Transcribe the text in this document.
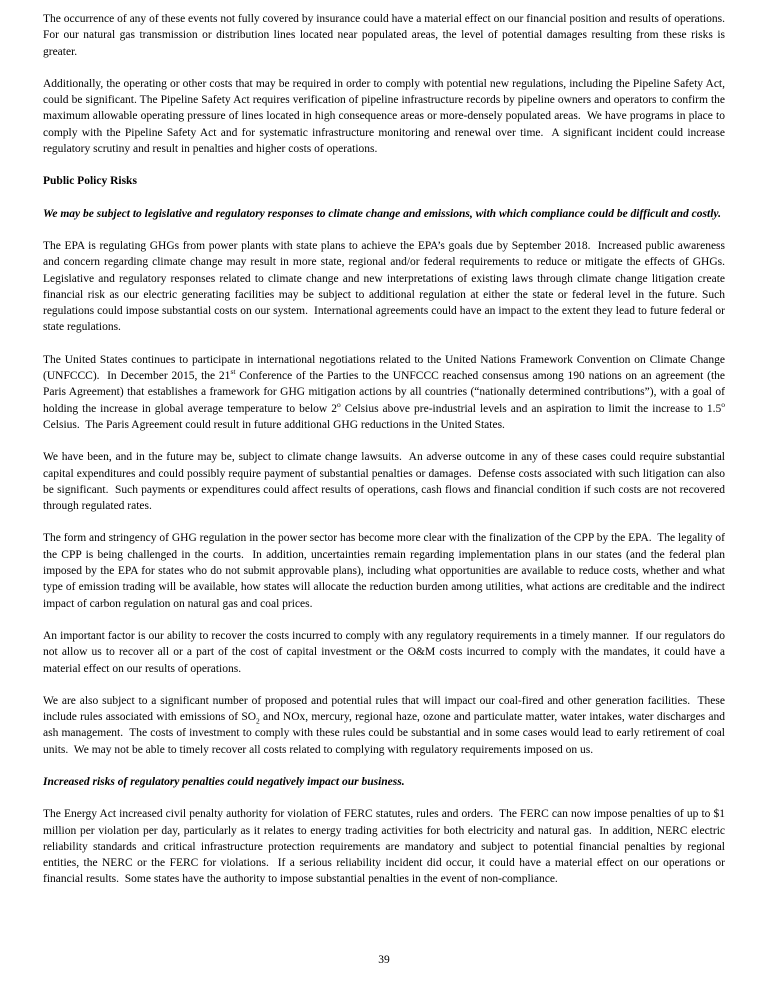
The occurrence of any of these events not fully covered by insurance could have a material effect on our financial position and results of operations.  For our natural gas transmission or distribution lines located near populated areas, the level of potential damages resulting from these risks is greater.
Additionally, the operating or other costs that may be required in order to comply with potential new regulations, including the Pipeline Safety Act, could be significant. The Pipeline Safety Act requires verification of pipeline infrastructure records by pipeline owners and operators to confirm the maximum allowable operating pressure of lines located in high consequence areas or more-densely populated areas.  We have programs in place to comply with the Pipeline Safety Act and for systematic infrastructure monitoring and renewal over time.  A significant incident could increase regulatory scrutiny and result in penalties and higher costs of operations.
Public Policy Risks
We may be subject to legislative and regulatory responses to climate change and emissions, with which compliance could be difficult and costly.
The EPA is regulating GHGs from power plants with state plans to achieve the EPA’s goals due by September 2018.  Increased public awareness and concern regarding climate change may result in more state, regional and/or federal requirements to reduce or mitigate the effects of GHGs.  Legislative and regulatory responses related to climate change and new interpretations of existing laws through climate change litigation create financial risk as our electric generating facilities may be subject to additional regulation at either the state or federal level in the future. Such regulations could impose substantial costs on our system.  International agreements could have an impact to the extent they lead to future federal or state regulations.
The United States continues to participate in international negotiations related to the United Nations Framework Convention on Climate Change (UNFCCC).  In December 2015, the 21st Conference of the Parties to the UNFCCC reached consensus among 190 nations on an agreement (the Paris Agreement) that establishes a framework for GHG mitigation actions by all countries (“nationally determined contributions”), with a goal of holding the increase in global average temperature to below 2$^o$ Celsius above pre-industrial levels and an aspiration to limit the increase to 1.5$^o$ Celsius.  The Paris Agreement could result in future additional GHG reductions in the United States.
We have been, and in the future may be, subject to climate change lawsuits.  An adverse outcome in any of these cases could require substantial capital expenditures and could possibly require payment of substantial penalties or damages.  Defense costs associated with such litigation can also be significant.  Such payments or expenditures could affect results of operations, cash flows and financial condition if such costs are not recovered through regulated rates.
The form and stringency of GHG regulation in the power sector has become more clear with the finalization of the CPP by the EPA.  The legality of the CPP is being challenged in the courts.  In addition, uncertainties remain regarding implementation plans in our states (and the federal plan imposed by the EPA for states who do not submit approvable plans), including what opportunities are available to reduce costs, whether and what type of emission trading will be available, how states will allocate the reduction burden among utilities, what actions are creditable and the indirect impact of carbon regulation on natural gas and coal prices.
An important factor is our ability to recover the costs incurred to comply with any regulatory requirements in a timely manner.  If our regulators do not allow us to recover all or a part of the cost of capital investment or the O&M costs incurred to comply with the mandates, it could have a material effect on our results of operations.
We are also subject to a significant number of proposed and potential rules that will impact our coal-fired and other generation facilities.  These include rules associated with emissions of $SO_2$ and NOx, mercury, regional haze, ozone and particulate matter, water intakes, water discharges and ash management.  The costs of investment to comply with these rules could be substantial and in some cases would lead to early retirement of coal units.  We may not be able to timely recover all costs related to complying with regulatory requirements imposed on us.
Increased risks of regulatory penalties could negatively impact our business.
The Energy Act increased civil penalty authority for violation of FERC statutes, rules and orders.  The FERC can now impose penalties of up to $1 million per violation per day, particularly as it relates to energy trading activities for both electricity and natural gas.  In addition, NERC electric reliability standards and critical infrastructure protection requirements are mandatory and subject to potential financial penalties by regional entities, the NERC or the FERC for violations.  If a serious reliability incident did occur, it could have a material effect on our operations or financial results.  Some states have the authority to impose substantial penalties in the event of non-compliance.
39
